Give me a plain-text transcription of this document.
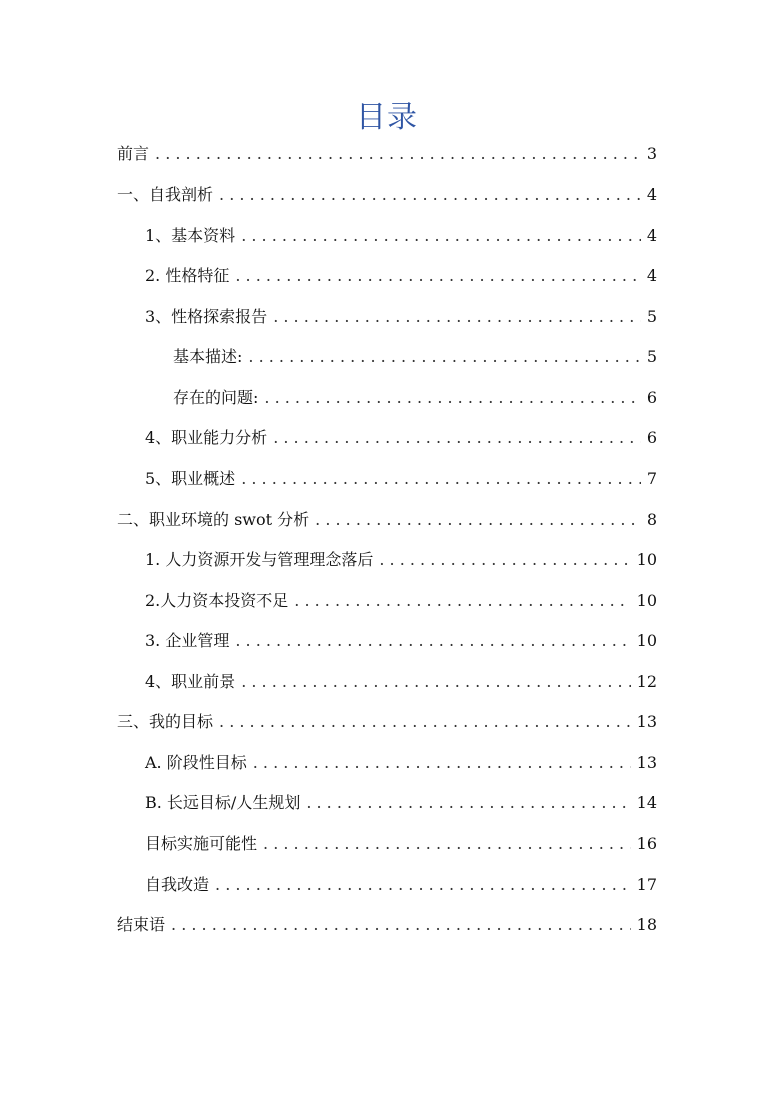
目录
前言 . . .	3
一、自我剖析 . . .	4
1、基本资料 . . .	4
2. 性格特征 . . .	4
3、性格探索报告 . . .	5
基本描述: . . .	5
存在的问题: . . .	6
4、职业能力分析 . . .	6
5、职业概述 . . .	7
二、职业环境的 swot 分析 . . .	8
1. 人力资源开发与管理理念落后 . . .	10
2.人力资本投资不足 . . .	10
3. 企业管理 . . .	10
4、职业前景 . . .	12
三、我的目标 . . .	13
A. 阶段性目标 . . .	13
B. 长远目标/人生规划 . . .	14
目标实施可能性 . . .	16
自我改造 . . .	17
结束语 . . .	18
